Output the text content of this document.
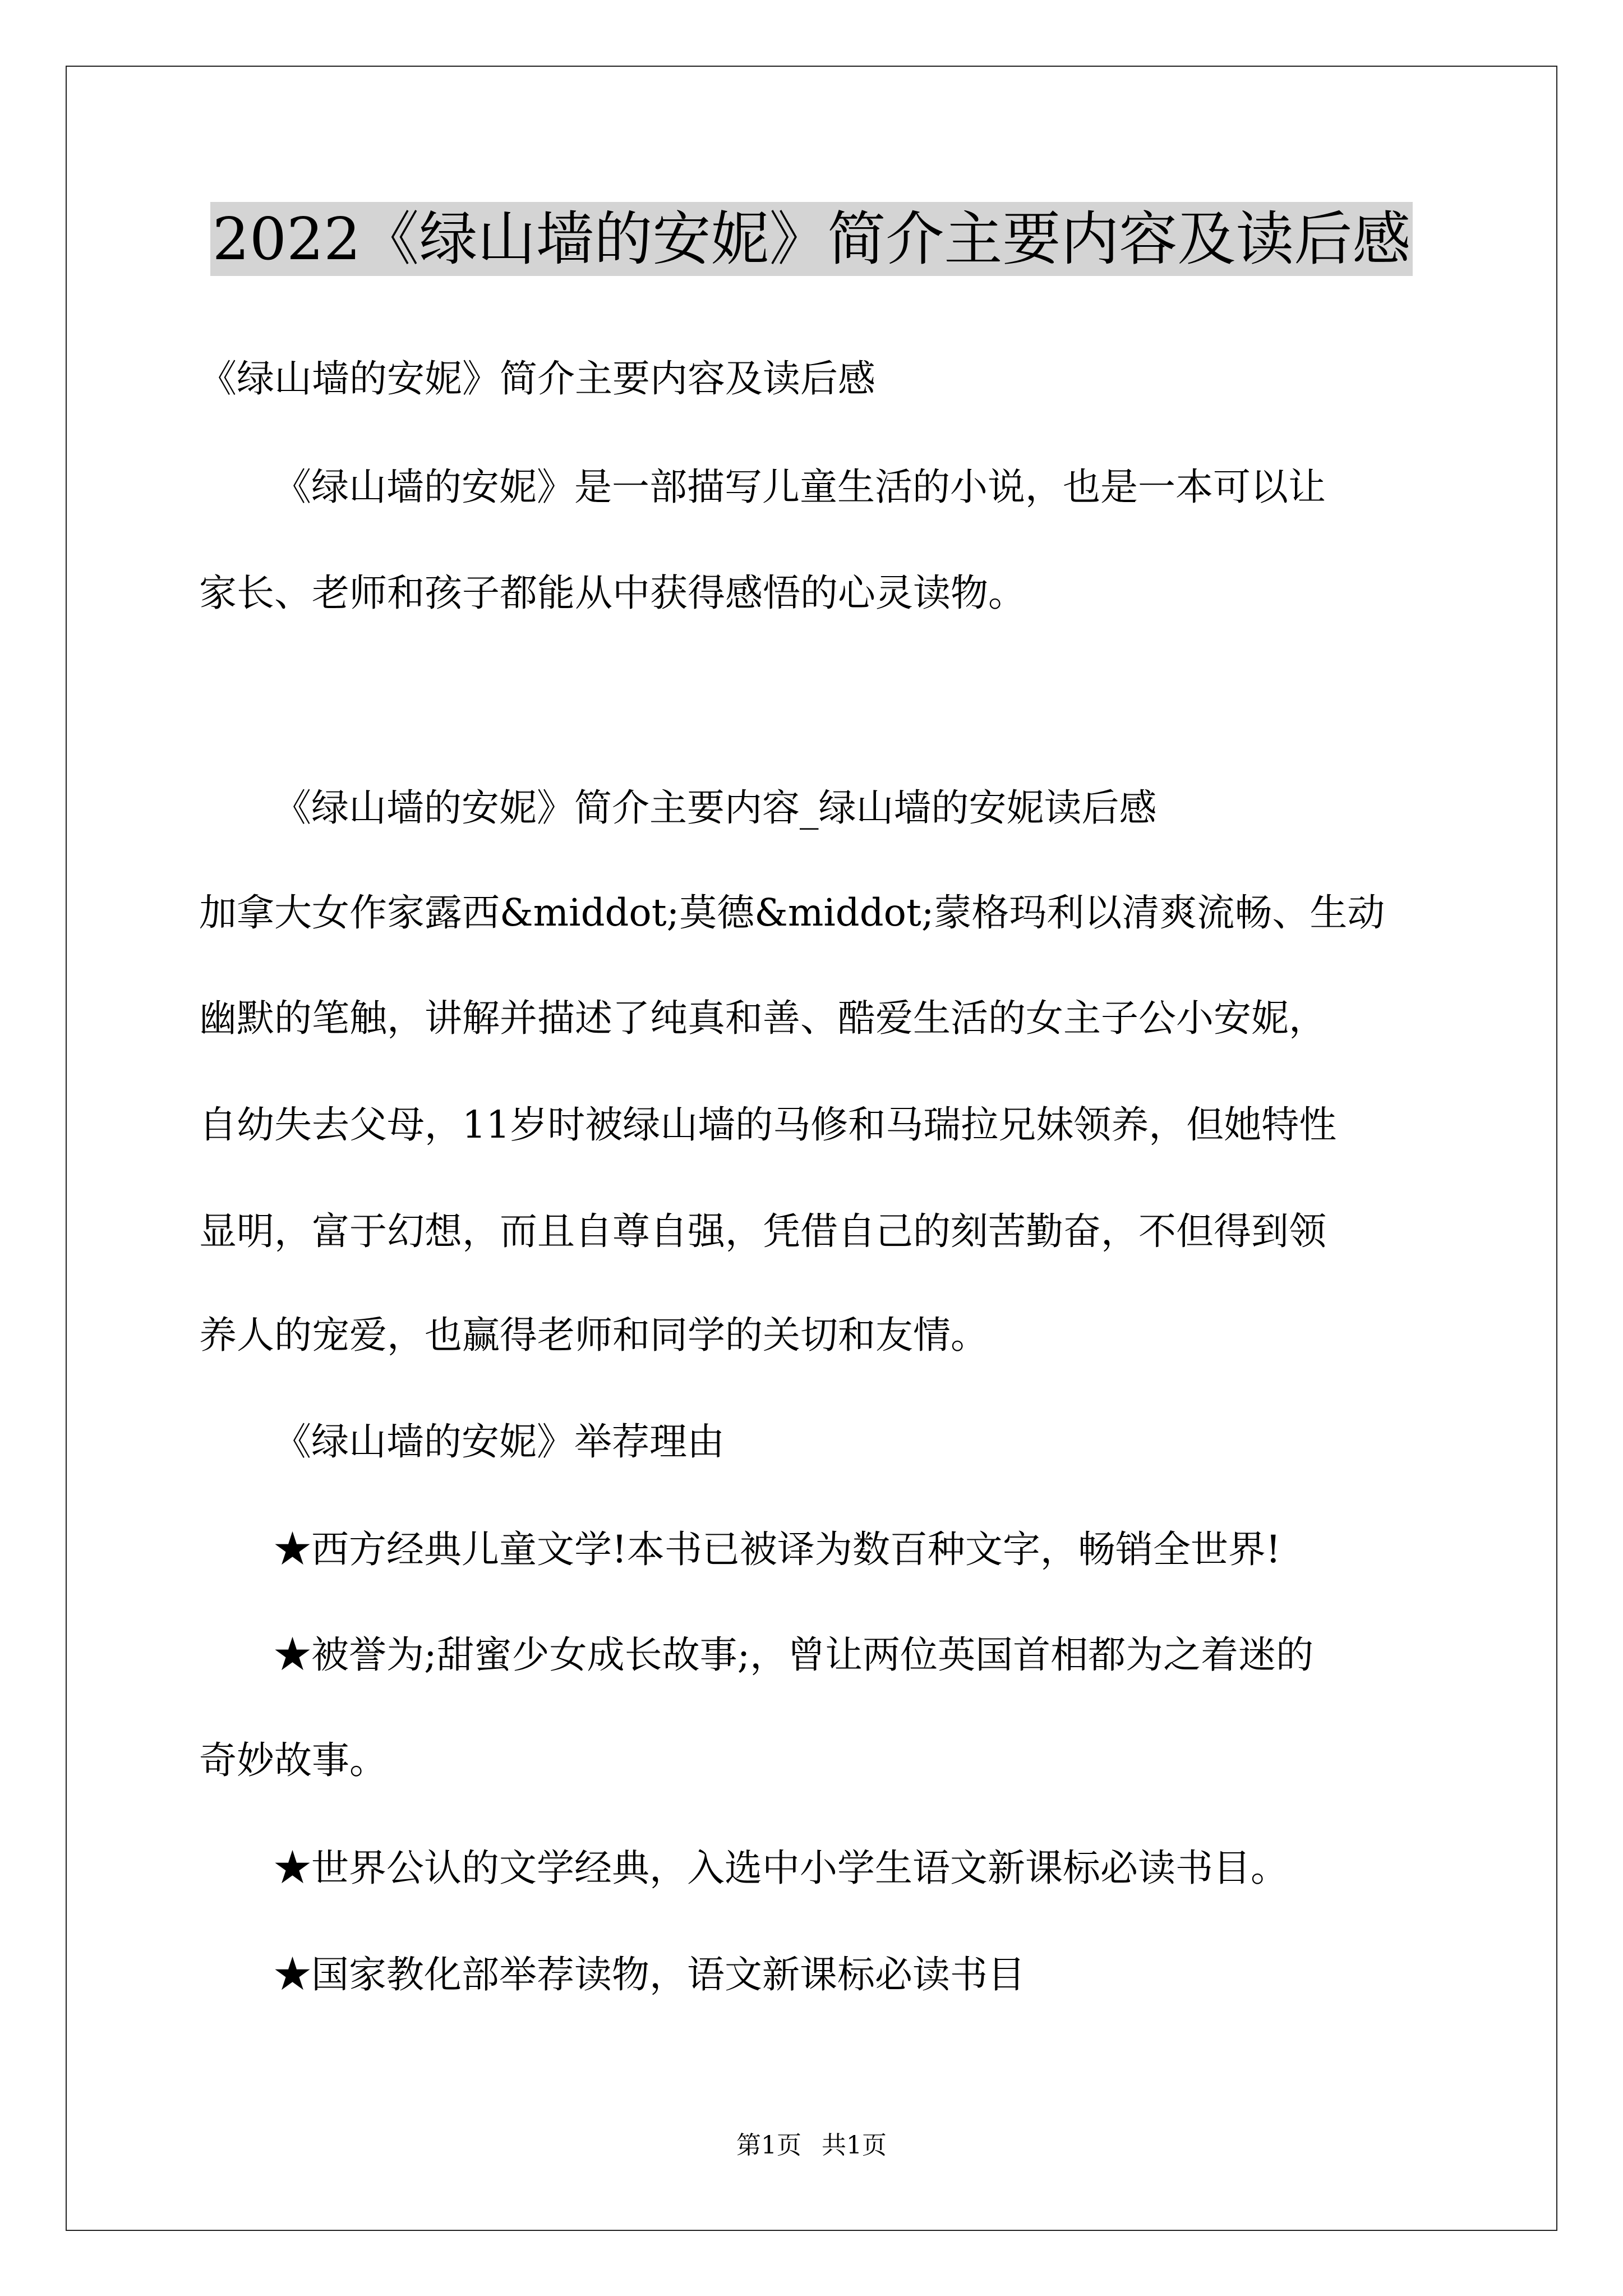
2022《绿山墙的安妮》简介主要内容及读后感

《绿山墙的安妮》简介主要内容及读后感

《绿山墙的安妮》是一部描写儿童生活的小说，也是一本可以让

家长、老师和孩子都能从中获得感悟的心灵读物。

《绿山墙的安妮》简介主要内容_绿山墙的安妮读后感

加拿大女作家露西&middot;莫德&middot;蒙格玛利以清爽流畅、生动

幽默的笔触，讲解并描述了纯真和善、酷爱生活的女主子公小安妮，

自幼失去父母，11岁时被绿山墙的马修和马瑞拉兄妹领养，但她特性

显明，富于幻想，而且自尊自强，凭借自己的刻苦勤奋，不但得到领

养人的宠爱，也赢得老师和同学的关切和友情。

《绿山墙的安妮》举荐理由

★西方经典儿童文学!本书已被译为数百种文字，畅销全世界!

★被誉为;甜蜜少女成长故事;，曾让两位英国首相都为之着迷的

奇妙故事。

★世界公认的文学经典，入选中小学生语文新课标必读书目。

★国家教化部举荐读物，语文新课标必读书目

第1页 共1页
